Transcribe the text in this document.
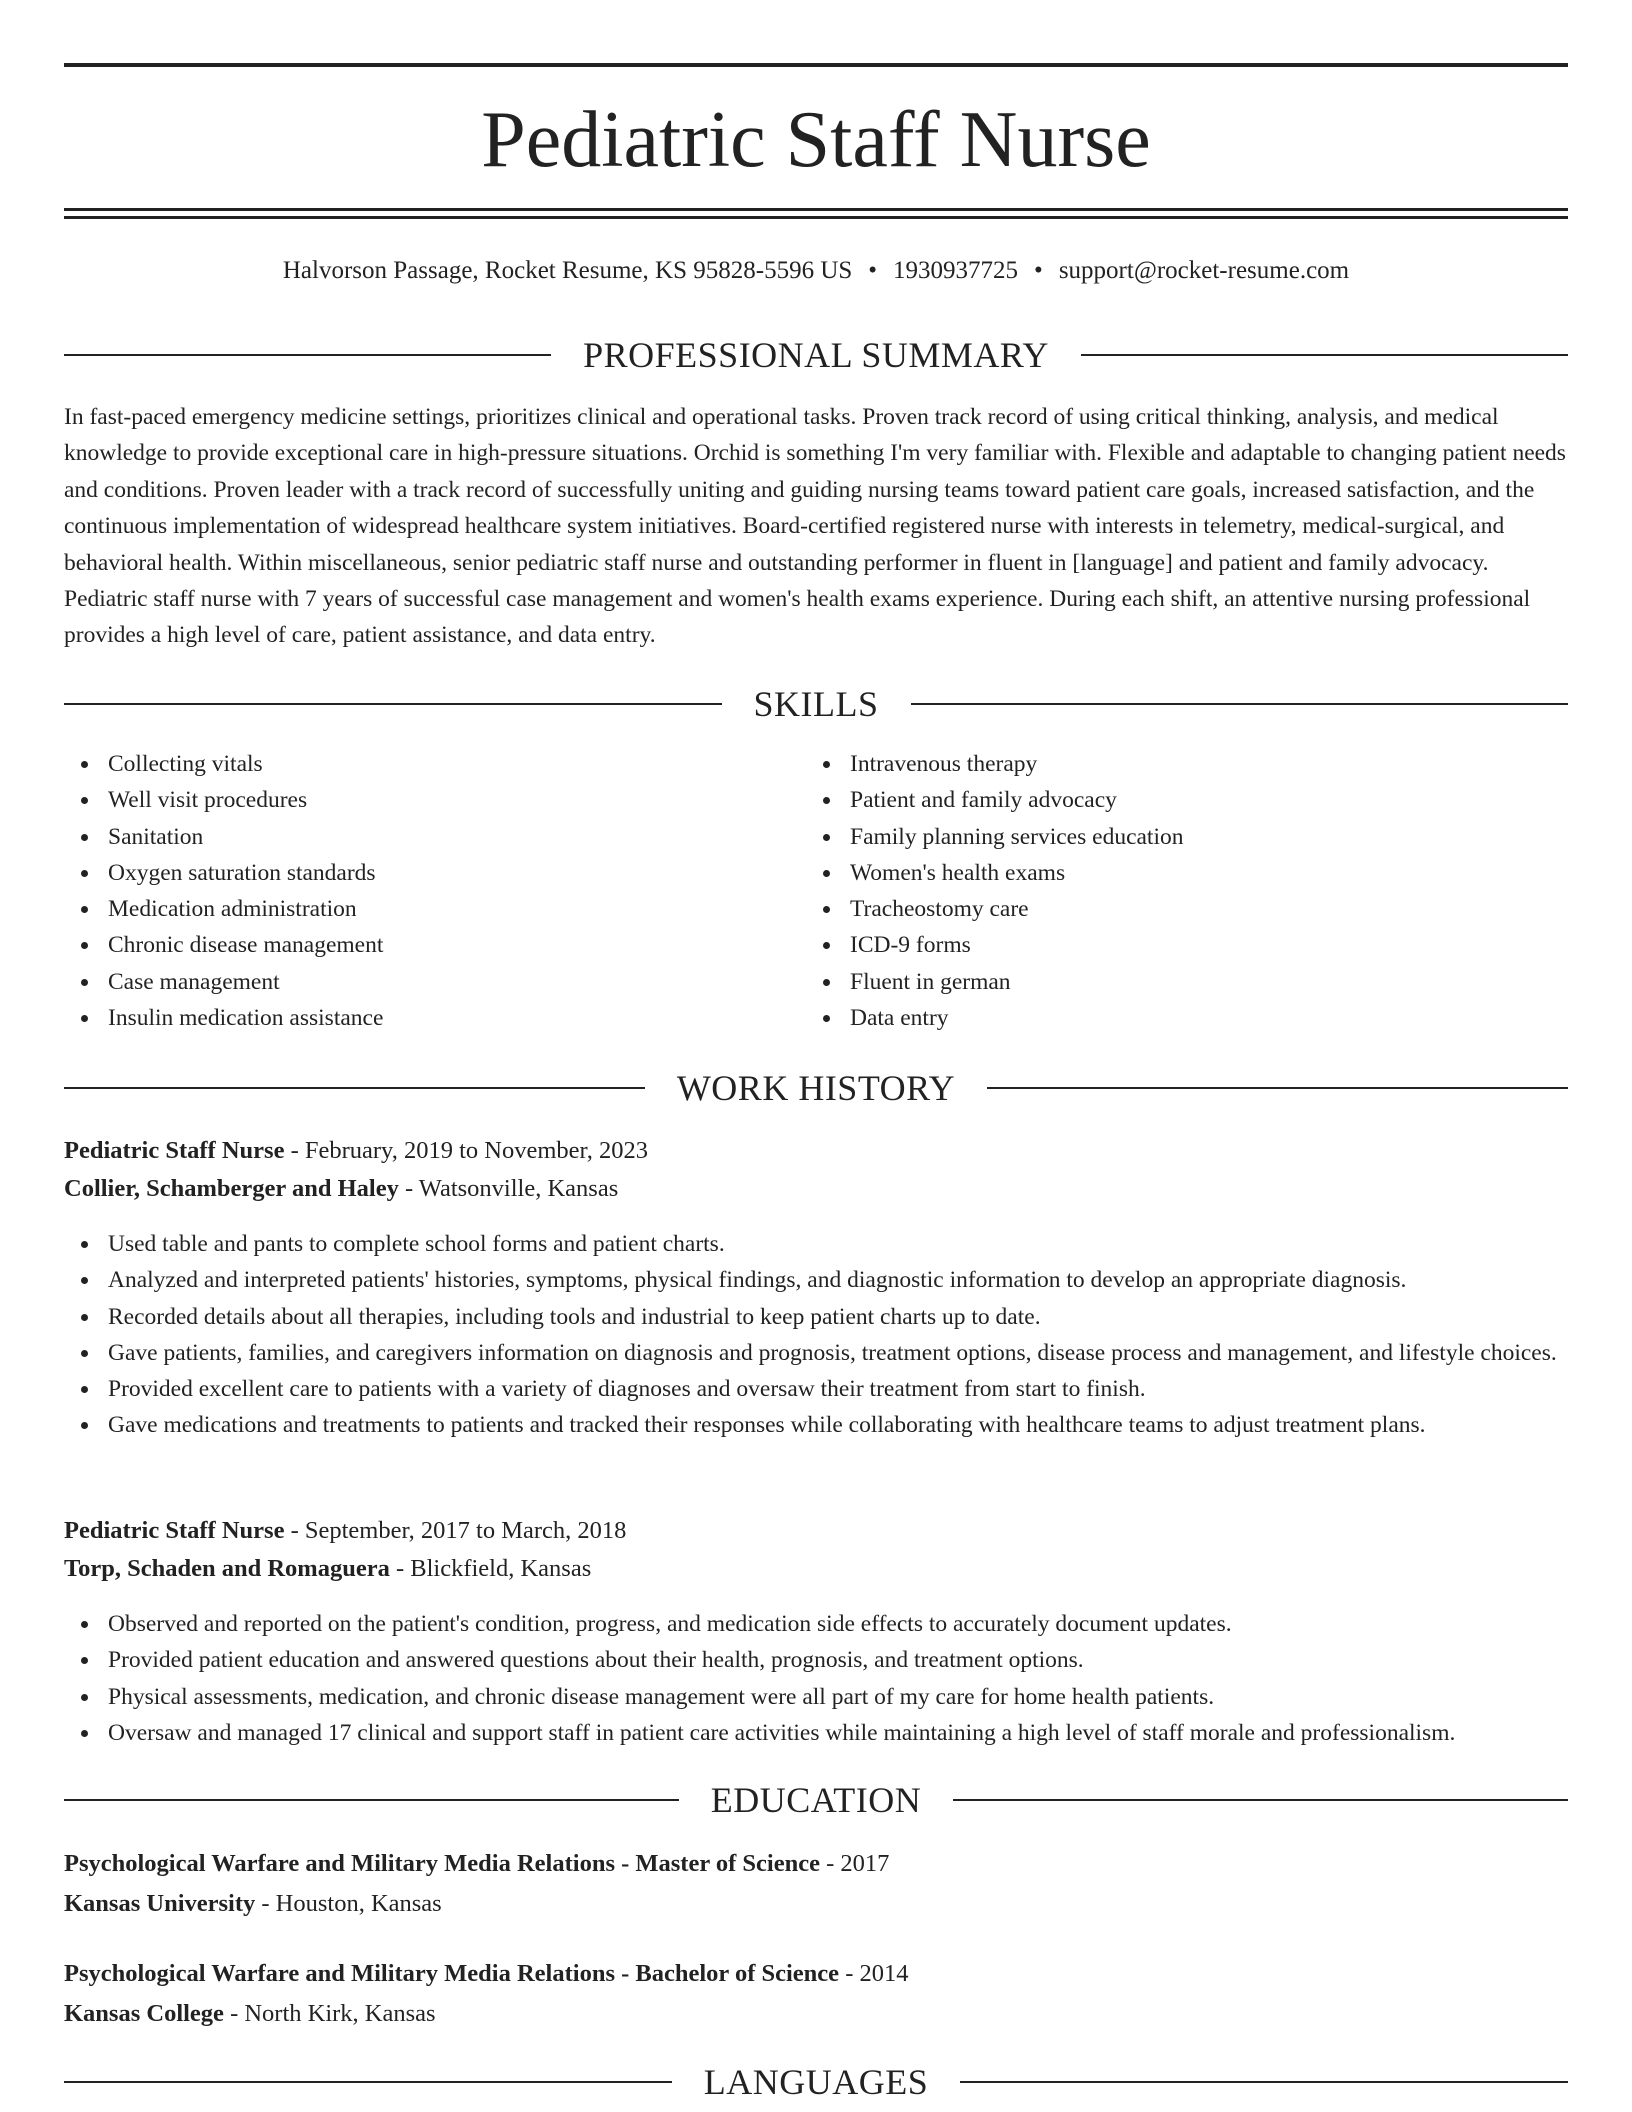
Pediatric Staff Nurse
Halvorson Passage, Rocket Resume, KS 95828-5596 US • 1930937725 • support@rocket-resume.com
PROFESSIONAL SUMMARY

In fast-paced emergency medicine settings, prioritizes clinical and operational tasks. Proven track record of using critical thinking, analysis, and medical knowledge to provide exceptional care in high-pressure situations. Orchid is something I'm very familiar with. Flexible and adaptable to changing patient needs and conditions. Proven leader with a track record of successfully uniting and guiding nursing teams toward patient care goals, increased satisfaction, and the continuous implementation of widespread healthcare system initiatives. Board-certified registered nurse with interests in telemetry, medical-surgical, and behavioral health. Within miscellaneous, senior pediatric staff nurse and outstanding performer in fluent in [language] and patient and family advocacy. Pediatric staff nurse with 7 years of successful case management and women's health exams experience. During each shift, an attentive nursing professional provides a high level of care, patient assistance, and data entry.

SKILLS
Collecting vitals
Well visit procedures
Sanitation
Oxygen saturation standards
Medication administration
Chronic disease management
Case management
Insulin medication assistance
Intravenous therapy
Patient and family advocacy
Family planning services education
Women's health exams
Tracheostomy care
ICD-9 forms
Fluent in german
Data entry
WORK HISTORY
Pediatric Staff Nurse - February, 2019 to November, 2023
Collier, Schamberger and Haley - Watsonville, Kansas
Used table and pants to complete school forms and patient charts.
Analyzed and interpreted patients' histories, symptoms, physical findings, and diagnostic information to develop an appropriate diagnosis.
Recorded details about all therapies, including tools and industrial to keep patient charts up to date.
Gave patients, families, and caregivers information on diagnosis and prognosis, treatment options, disease process and management, and lifestyle choices.
Provided excellent care to patients with a variety of diagnoses and oversaw their treatment from start to finish.
Gave medications and treatments to patients and tracked their responses while collaborating with healthcare teams to adjust treatment plans.
Pediatric Staff Nurse - September, 2017 to March, 2018
Torp, Schaden and Romaguera - Blickfield, Kansas
Observed and reported on the patient's condition, progress, and medication side effects to accurately document updates.
Provided patient education and answered questions about their health, prognosis, and treatment options.
Physical assessments, medication, and chronic disease management were all part of my care for home health patients.
Oversaw and managed 17 clinical and support staff in patient care activities while maintaining a high level of staff morale and professionalism.
EDUCATION
Psychological Warfare and Military Media Relations - Master of Science - 2017
Kansas University - Houston, Kansas
Psychological Warfare and Military Media Relations - Bachelor of Science - 2014
Kansas College - North Kirk, Kansas
LANGUAGES
